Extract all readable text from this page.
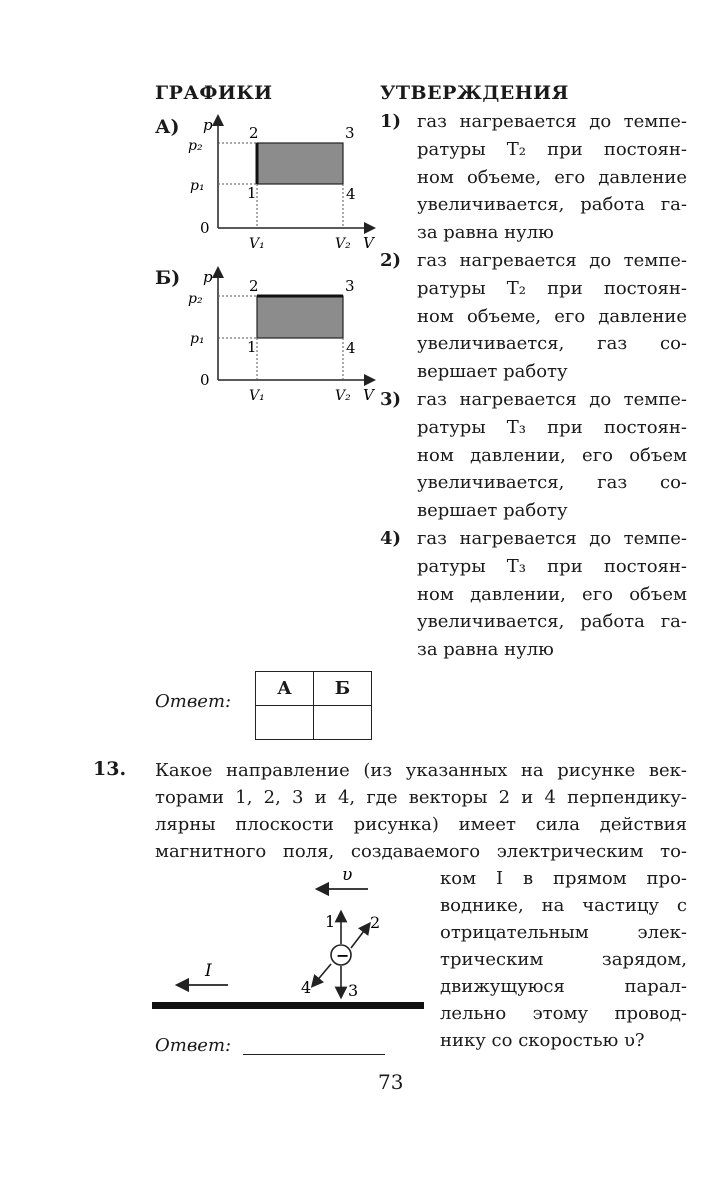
ГРАФИКИ	УТВЕРЖДЕНИЯ
А) p
p₂
p₁
0
V₁	V₂ V
2	3
1	4
Б) p
p₂
p₁
0
V₁	V₂ V
2	3
1	4
1) газ нагревается до темпе-
ратуры T₂ при постоян-
ном объеме, его давление
увеличивается, работа га-
за равна нулю
2) газ нагревается до темпе-
ратуры T₂ при постоян-
ном объеме, его давление
увеличивается, газ со-
вершает работу
3) газ нагревается до темпе-
ратуры T₃ при постоян-
ном давлении, его объем
увеличивается, газ со-
вершает работу
4) газ нагревается до темпе-
ратуры T₃ при постоян-
ном давлении, его объем
увеличивается, работа га-
за равна нулю
Ответ:
А	Б

13. Какое направление (из указанных на рисунке век-
торами 1, 2, 3 и 4, где векторы 2 и 4 перпендику-
лярны плоскости рисунка) имеет сила действия
магнитного поля, создаваемого электрическим то-
ком I в прямом про-
воднике, на частицу с
отрицательным элек-
трическим зарядом,
движущуюся парал-
лельно этому провод-
нику со скоростью υ?
υ
I
−
1 2
3
4
Ответ:
73
